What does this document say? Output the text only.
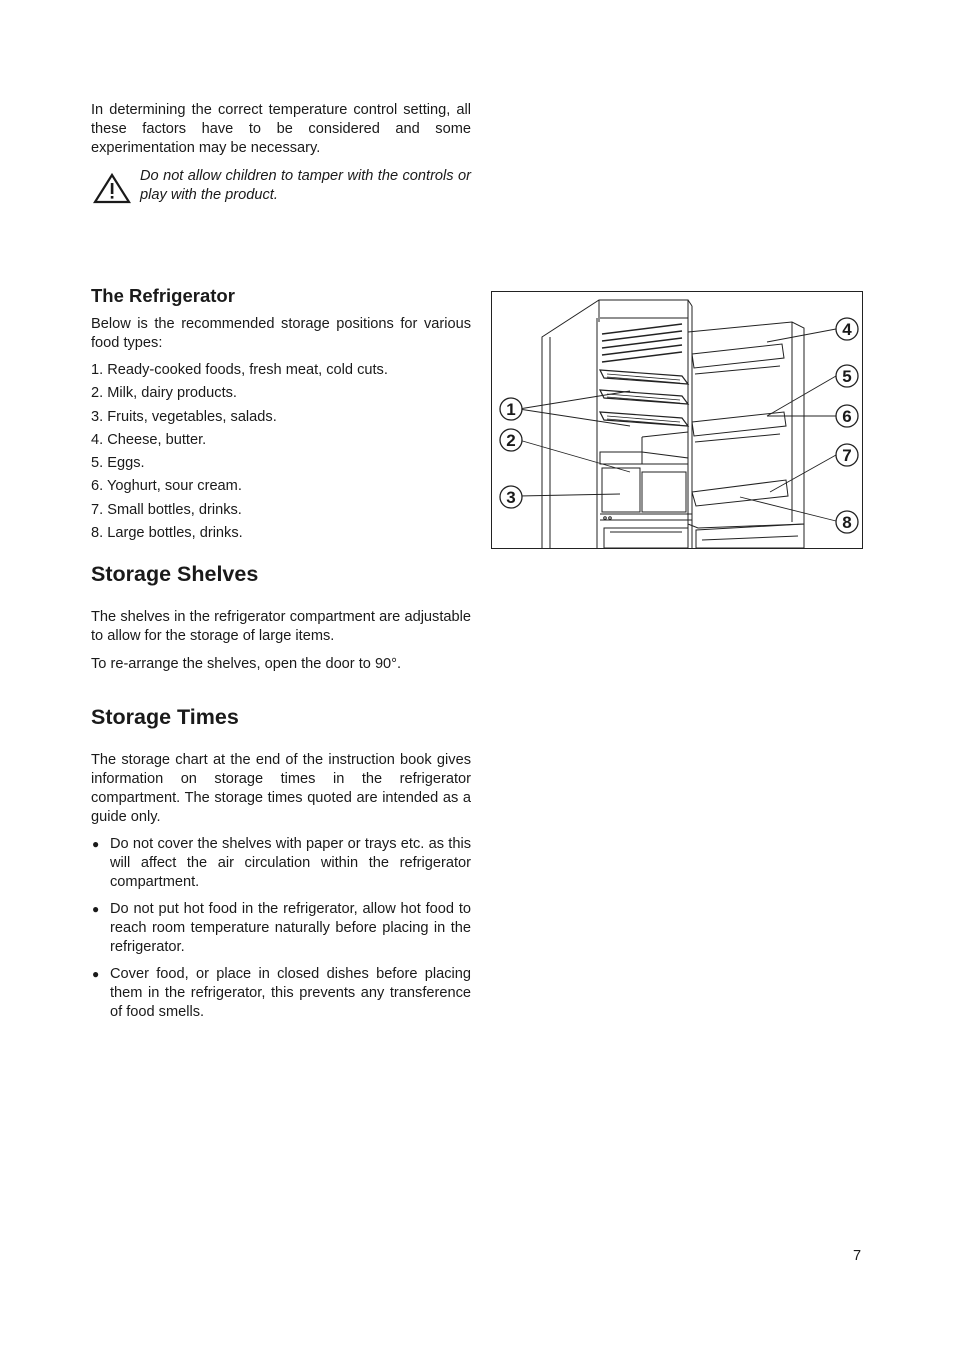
In determining the correct temperature control setting, all these factors have to be considered and some experimentation may be necessary.

Do not allow children to tamper with the controls or play with the product.
The Refrigerator

Below is the recommended storage positions for various food types:

1. Ready-cooked foods, fresh meat, cold cuts.
2. Milk, dairy products.
3. Fruits, vegetables, salads.
4. Cheese, butter.
5. Eggs.
6. Yoghurt, sour cream.
7. Small bottles, drinks.
8. Large bottles, drinks.
Storage Shelves

The shelves in the refrigerator compartment are adjustable to allow for the storage of large items.

To re-arrange the shelves, open the door to 90°.

Storage Times

The storage chart at the end of the instruction book gives information on storage times in the refrigerator compartment. The storage times quoted are intended as a guide only.

● Do not cover the shelves with paper or trays etc. as this will affect the air circulation within the refrigerator compartment.
● Do not put hot food in the refrigerator, allow hot food to reach room temperature naturally before placing in the refrigerator.
● Cover food, or place in closed dishes before placing them in the refrigerator, this prevents any transference of food smells.
1
2
3
4
5
6
7
8
7
